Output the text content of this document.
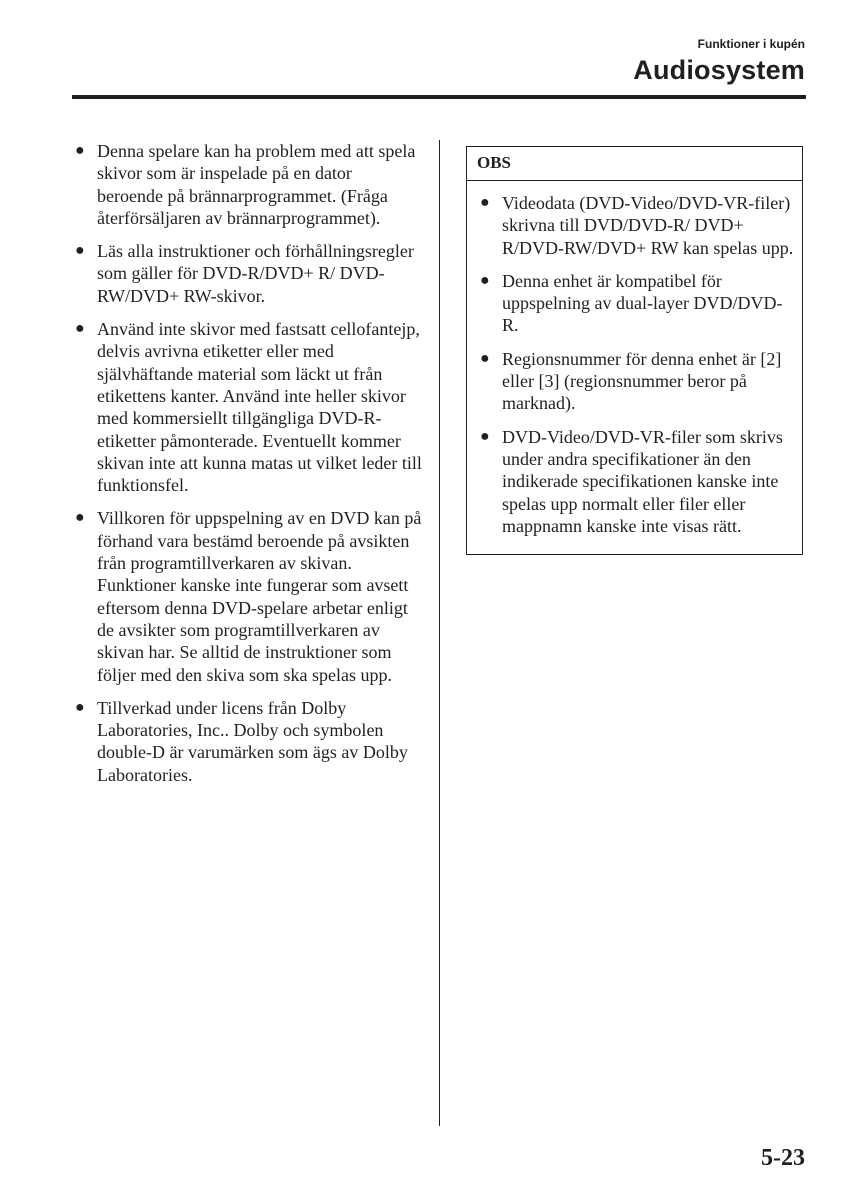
Funktioner i kupén
Audiosystem
● Denna spelare kan ha problem med att spela skivor som är inspelade på en dator beroende på brännarprogrammet. (Fråga återförsäljaren av brännarprogrammet).
● Läs alla instruktioner och förhållningsregler som gäller för DVD-R/DVD+ R/ DVD-RW/DVD+ RW-skivor.
● Använd inte skivor med fastsatt cellofantejp, delvis avrivna etiketter eller med självhäftande material som läckt ut från etikettens kanter. Använd inte heller skivor med kommersiellt tillgängliga DVD-R-etiketter påmonterade. Eventuellt kommer skivan inte att kunna matas ut vilket leder till funktionsfel.
● Villkoren för uppspelning av en DVD kan på förhand vara bestämd beroende på avsikten från programtillverkaren av skivan. Funktioner kanske inte fungerar som avsett eftersom denna DVD-spelare arbetar enligt de avsikter som programtillverkaren av skivan har. Se alltid de instruktioner som följer med den skiva som ska spelas upp.
● Tillverkad under licens från Dolby Laboratories, Inc.. Dolby och symbolen double-D är varumärken som ägs av Dolby Laboratories.
OBS
● Videodata (DVD-Video/DVD-VR-filer) skrivna till DVD/DVD-R/ DVD+ R/DVD-RW/DVD+ RW kan spelas upp.
● Denna enhet är kompatibel för uppspelning av dual-layer DVD/DVD-R.
● Regionsnummer för denna enhet är [2] eller [3] (regionsnummer beror på marknad).
● DVD-Video/DVD-VR-filer som skrivs under andra specifikationer än den indikerade specifikationen kanske inte spelas upp normalt eller filer eller mappnamn kanske inte visas rätt.
5-23
